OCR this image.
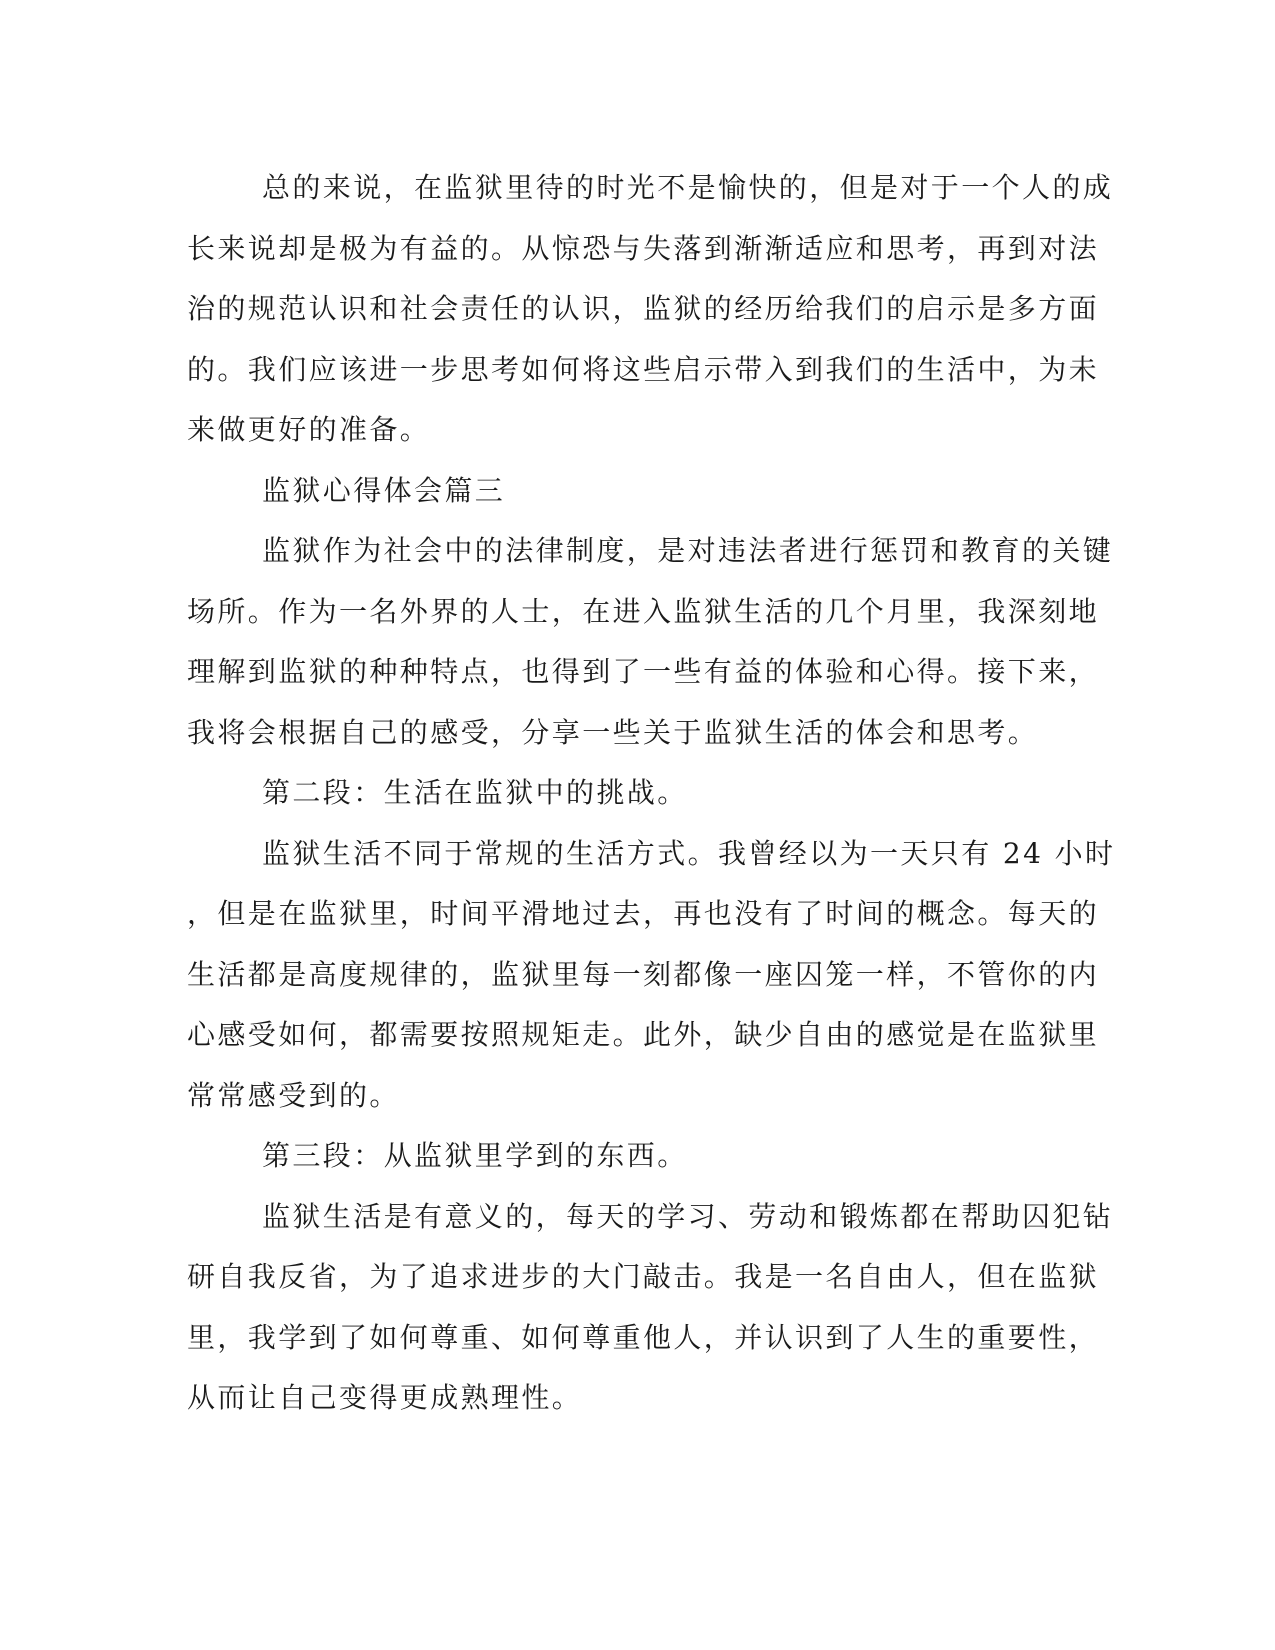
总的来说，在监狱里待的时光不是愉快的，但是对于一个人的成
长来说却是极为有益的。从惊恐与失落到渐渐适应和思考，再到对法
治的规范认识和社会责任的认识，监狱的经历给我们的启示是多方面
的。我们应该进一步思考如何将这些启示带入到我们的生活中，为未
来做更好的准备。
监狱心得体会篇三
监狱作为社会中的法律制度，是对违法者进行惩罚和教育的关键
场所。作为一名外界的人士，在进入监狱生活的几个月里，我深刻地
理解到监狱的种种特点，也得到了一些有益的体验和心得。接下来，
我将会根据自己的感受，分享一些关于监狱生活的体会和思考。
第二段：生活在监狱中的挑战。
监狱生活不同于常规的生活方式。我曾经以为一天只有 24 小时
，但是在监狱里，时间平滑地过去，再也没有了时间的概念。每天的
生活都是高度规律的，监狱里每一刻都像一座囚笼一样，不管你的内
心感受如何，都需要按照规矩走。此外，缺少自由的感觉是在监狱里
常常感受到的。
第三段：从监狱里学到的东西。
监狱生活是有意义的，每天的学习、劳动和锻炼都在帮助囚犯钻
研自我反省，为了追求进步的大门敲击。我是一名自由人，但在监狱
里，我学到了如何尊重、如何尊重他人，并认识到了人生的重要性，
从而让自己变得更成熟理性。
